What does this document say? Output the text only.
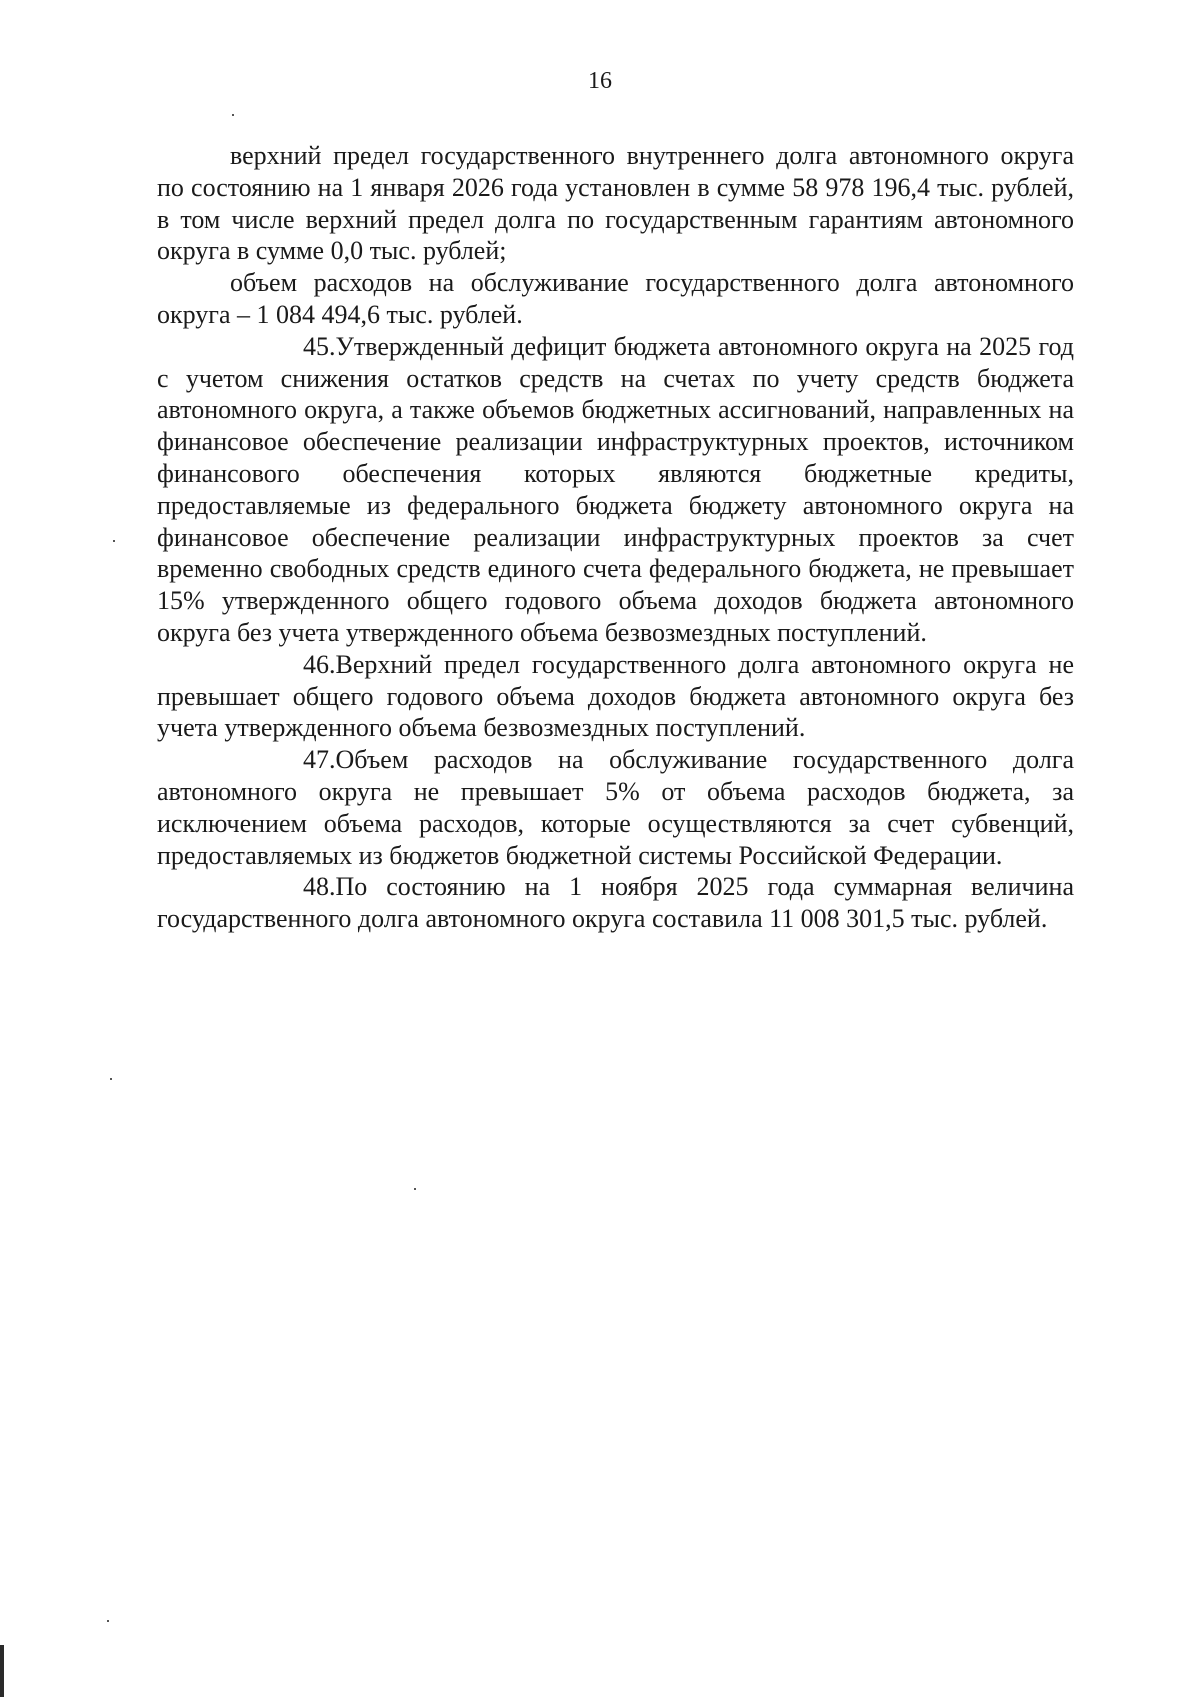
16

верхний предел государственного внутреннего долга автономного округа по состоянию на 1 января 2026 года установлен в сумме 58 978 196,4 тыс. рублей, в том числе верхний предел долга по государственным гарантиям автономного округа в сумме 0,0 тыс. рублей;

объем расходов на обслуживание государственного долга автономного округа – 1 084 494,6 тыс. рублей.

45.Утвержденный дефицит бюджета автономного округа на 2025 год с учетом снижения остатков средств на счетах по учету средств бюджета автономного округа, а также объемов бюджетных ассигнований, направленных на финансовое обеспечение реализации инфраструктурных проектов, источником финансового обеспечения которых являются бюджетные кредиты, предоставляемые из федерального бюджета бюджету автономного округа на финансовое обеспечение реализации инфраструктурных проектов за счет временно свободных средств единого счета федерального бюджета, не превышает 15% утвержденного общего годового объема доходов бюджета автономного округа без учета утвержденного объема безвозмездных поступлений.

46.Верхний предел государственного долга автономного округа не превышает общего годового объема доходов бюджета автономного округа без учета утвержденного объема безвозмездных поступлений.

47.Объем расходов на обслуживание государственного долга автономного округа не превышает 5% от объема расходов бюджета, за исключением объема расходов, которые осуществляются за счет субвенций, предоставляемых из бюджетов бюджетной системы Российской Федерации.

48.По состоянию на 1 ноября 2025 года суммарная величина государственного долга автономного округа составила 11 008 301,5 тыс. рублей.
